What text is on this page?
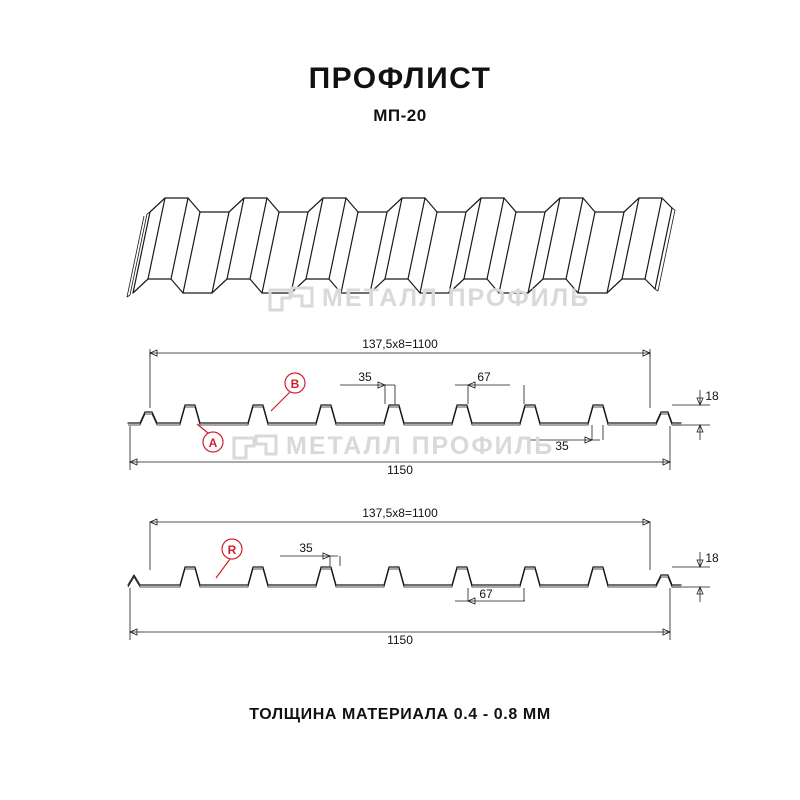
ПРОФЛИСТ
МП-20
137,5х8=1100
35	67
35
18
1150
A
B
137,5х8=1100
35
67
18
1150
R
МЕТАЛЛ ПРОФИЛЬ
МЕТАЛЛ ПРОФИЛЬ
ТОЛЩИНА МАТЕРИАЛА 0.4 - 0.8 ММ
